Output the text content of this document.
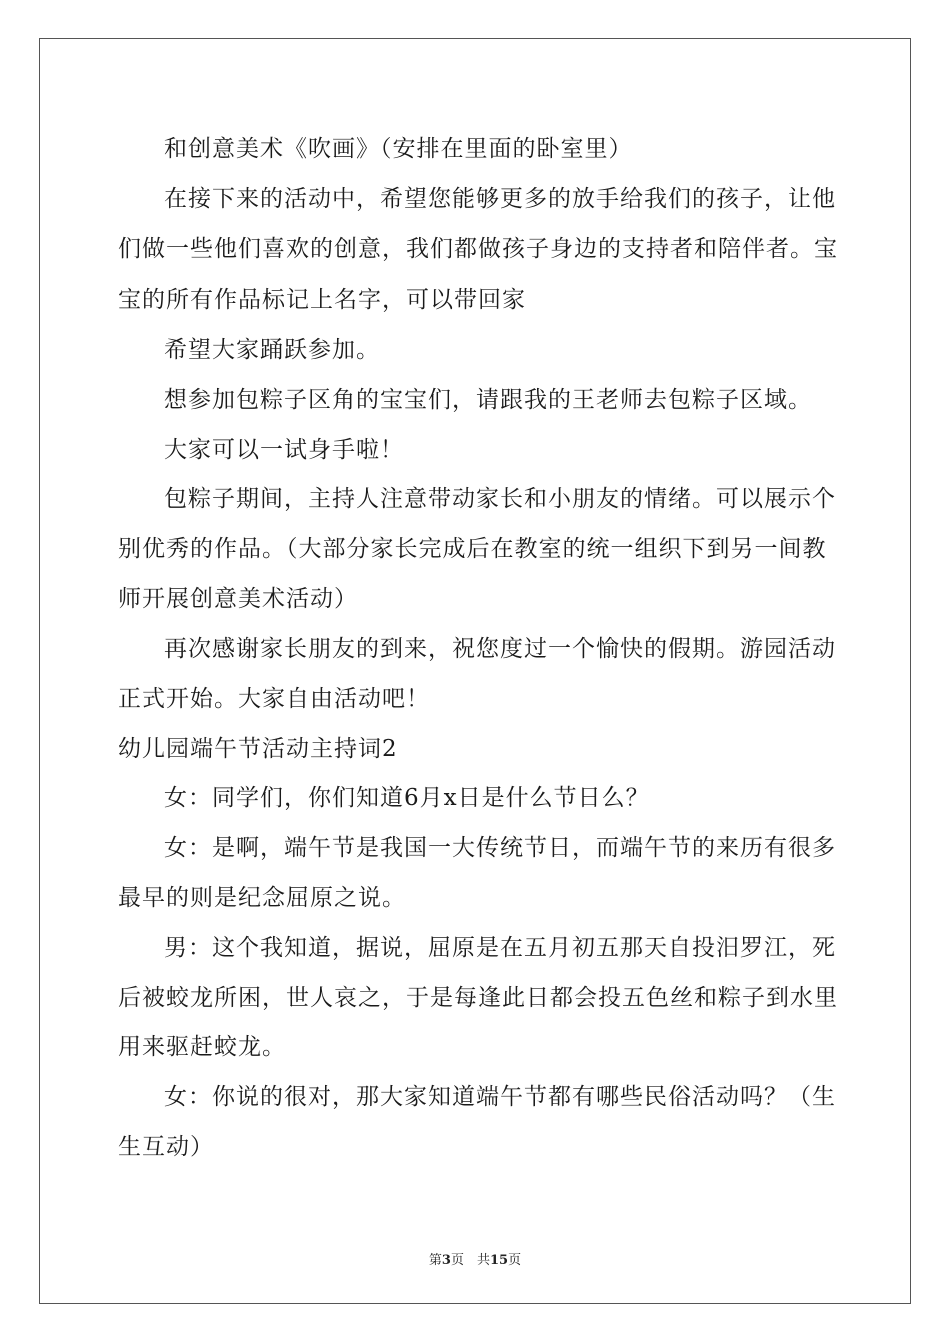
和创意美术《吹画》（安排在里面的卧室里）
在接下来的活动中，希望您能够更多的放手给我们的孩子，让他
们做一些他们喜欢的创意，我们都做孩子身边的支持者和陪伴者。宝
宝的所有作品标记上名字，可以带回家
希望大家踊跃参加。
想参加包粽子区角的宝宝们，请跟我的王老师去包粽子区域。
大家可以一试身手啦！
包粽子期间，主持人注意带动家长和小朋友的情绪。可以展示个
别优秀的作品。（大部分家长完成后在教室的统一组织下到另一间教
师开展创意美术活动）
再次感谢家长朋友的到来，祝您度过一个愉快的假期。游园活动
正式开始。大家自由活动吧！
幼儿园端午节活动主持词2
女：同学们，你们知道6月x日是什么节日么？
女：是啊，端午节是我国一大传统节日，而端午节的来历有很多
最早的则是纪念屈原之说。
男：这个我知道，据说，屈原是在五月初五那天自投汨罗江，死
后被蛟龙所困，世人哀之，于是每逢此日都会投五色丝和粽子到水里
用来驱赶蛟龙。
女：你说的很对，那大家知道端午节都有哪些民俗活动吗？（生
生互动）
第3页　共15页
